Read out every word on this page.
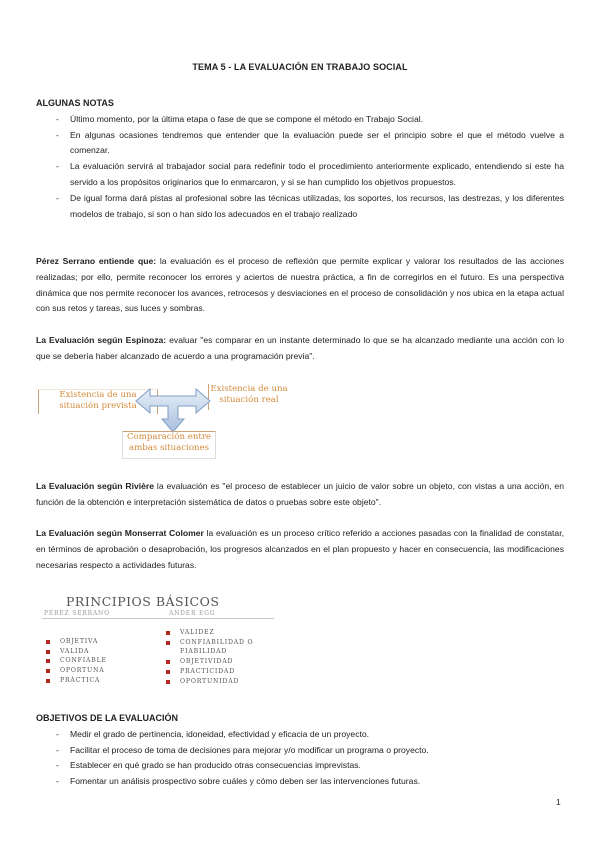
TEMA 5 - LA EVALUACIÓN EN TRABAJO SOCIAL
ALGUNAS NOTAS
- Último momento, por la última etapa o fase de que se compone el método en Trabajo Social.
- En algunas ocasiones tendremos que entender que la evaluación puede ser el principio sobre el que el método vuelve a comenzar.
- La evaluación servirá al trabajador social para redefinir todo el procedimiento anteriormente explicado, entendiendo si este ha servido a los propósitos originarios que lo enmarcaron, y si se han cumplido los objetivos propuestos.
- De igual forma dará pistas al profesional sobre las técnicas utilizadas, los soportes, los recursos, las destrezas, y los diferentes modelos de trabajo, si son o han sido los adecuados en el trabajo realizado
Pérez Serrano entiende que: la evaluación es el proceso de reflexión que permite explicar y valorar los resultados de las acciones realizadas; por ello, permite reconocer los errores y aciertos de nuestra práctica, a fin de corregirlos en el futuro. Es una perspectiva dinámica que nos permite reconocer los avances, retrocesos y desviaciones en el proceso de consolidación y nos ubica en la etapa actual con sus retos y tareas, sus luces y sombras.
La Evaluación según Espinoza: evaluar "es comparar en un instante determinado lo que se ha alcanzado mediante una acción con lo que se debería haber alcanzado de acuerdo a una programación previa".
Existencia de una situación prevista
Existencia de una situación real
Comparación entre ambas situaciones
La Evaluación según Rivière la evaluación es "el proceso de establecer un juicio de valor sobre un objeto, con vistas a una acción, en función de la obtención e interpretación sistemática de datos o pruebas sobre este objeto".
La Evaluación según Monserrat Colomer la evaluación es un proceso crítico referido a acciones pasadas con la finalidad de constatar, en términos de aprobación o desaprobación, los progresos alcanzados en el plan propuesto y hacer en consecuencia, las modificaciones necesarias respecto a actividades futuras.
PRINCIPIOS BÁSICOS
PÉREZ SERRANO	ANDER EGG
OBJETIVA
VALIDA
CONFIABLE
OPORTUNA
PRÁCTICA
VALIDEZ
CONFIABILIDAD O FIABILIDAD
OBJETIVIDAD
PRACTICIDAD
OPORTUNIDAD
OBJETIVOS DE LA EVALUACIÓN
- Medir el grado de pertinencia, idoneidad, efectividad y eficacia de un proyecto.
- Facilitar el proceso de toma de decisiones para mejorar y/o modificar un programa o proyecto.
- Establecer en qué grado se han producido otras consecuencias imprevistas.
- Fomentar un análisis prospectivo sobre cuáles y cómo deben ser las intervenciones futuras.
1
